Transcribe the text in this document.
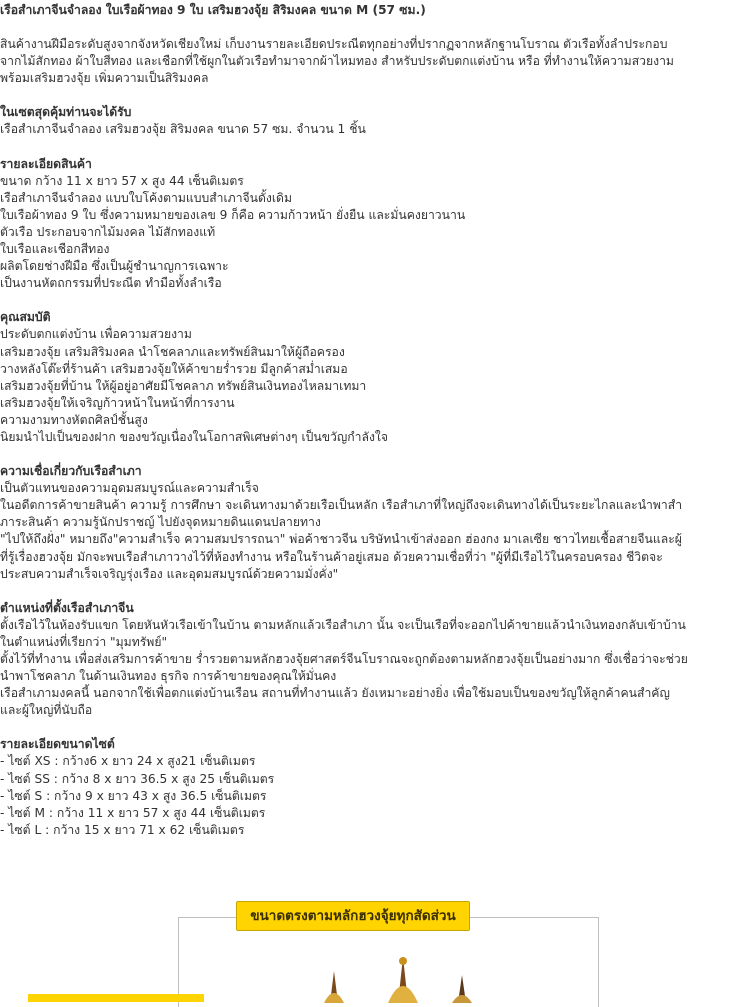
เรือสำเภาจีนจำลอง ใบเรือผ้าทอง 9 ใบ เสริมฮวงจุ้ย สิริมงคล ขนาด M (57 ซม.)

สินค้างานฝีมือระดับสูงจากจังหวัดเชียงใหม่ เก็บงานรายละเอียดประณีตทุกอย่างที่ปรากฏจากหลักฐานโบราณ ตัวเรือทั้งลำประกอบ

จากไม้สักทอง ผ้าใบสีทอง และเชือกที่ใช้ผูกในตัวเรือทำมาจากผ้าไหมทอง สำหรับประดับตกแต่งบ้าน หรือ ที่ทำงานให้ความสวยงาม

พร้อมเสริมฮวงจุ้ย เพิ่มความเป็นสิริมงคล

ในเซตสุดคุ้มท่านจะได้รับ

เรือสำเภาจีนจำลอง เสริมฮวงจุ้ย สิริมงคล ขนาด 57 ซม. จำนวน 1 ชิ้น

รายละเอียดสินค้า

ขนาด กว้าง 11 x ยาว 57 x สูง 44 เซ็นติเมตร

เรือสำเภาจีนจำลอง แบบใบโค้งตามแบบสำเภาจีนดั้งเดิม

ใบเรือผ้าทอง 9 ใบ ซึ่งความหมายของเลข 9 ก็คือ ความก้าวหน้า ยั่งยืน และมั่นคงยาวนาน

ตัวเรือ ประกอบจากไม้มงคล ไม้สักทองแท้

ใบเรือและเชือกสีทอง

ผลิตโดยช่างฝีมือ ซึ่งเป็นผู้ชำนาญการเฉพาะ

เป็นงานหัตถกรรมที่ประณีต ทำมือทั้งลำเรือ

คุณสมบัติ

ประดับตกแต่งบ้าน เพื่อความสวยงาม

เสริมฮวงจุ้ย เสริมสิริมงคล นำโชคลาภและทรัพย์สินมาให้ผู้ถือครอง

วางหลังโต๊ะที่ร้านค้า เสริมฮวงจุ้ยให้ค้าขายร่ำรวย มีลูกค้าสม่ำเสมอ

เสริมฮวงจุ้ยที่บ้าน ให้ผู้อยู่อาศัยมีโชคลาภ ทรัพย์สินเงินทองไหลมาเทมา

เสริมฮวงจุ้ยให้เจริญก้าวหน้าในหน้าที่การงาน

ความงามทางหัตถศิลป์ชั้นสูง

นิยมนำไปเป็นของฝาก ของขวัญเนื่องในโอกาสพิเศษต่างๆ เป็นขวัญกำลังใจ

ความเชื่อเกี่ยวกับเรือสำเภา

เป็นตัวแทนของความอุดมสมบูรณ์และความสำเร็จ

ในอดีตการค้าขายสินค้า ความรู้ การศึกษา จะเดินทางมาด้วยเรือเป็นหลัก เรือสำเภาที่ใหญ่ถึงจะเดินทางได้เป็นระยะไกลและนำพาสำ

ภาระสินค้า ความรู้นักปราชญ์ ไปยังจุดหมายดินแดนปลายทาง

"ไปให้ถึงฝั่ง" หมายถึง"ความสำเร็จ ความสมปรารถนา" พ่อค้าชาวจีน บริษัทนำเข้าส่งออก ฮ่องกง มาเลเซีย ชาวไทยเชื้อสายจีนและผู้

ที่รู้เรื่องฮวงจุ้ย มักจะพบเรือสำเภาวางไว้ที่ห้องทำงาน หรือในร้านค้าอยู่เสมอ ด้วยความเชื่อที่ว่า "ผู้ที่มีเรือไว้ในครอบครอง ชีวิตจะ

ประสบความสำเร็จเจริญรุ่งเรือง และอุดมสมบูรณ์ด้วยความมั่งคั่ง"

ตำแหน่งที่ตั้งเรือสำเภาจีน

ตั้งเรือไว้ในห้องรับแขก โดยหันหัวเรือเข้าในบ้าน ตามหลักแล้วเรือสำเภา นั้น จะเป็นเรือที่จะออกไปค้าขายแล้วนำเงินทองกลับเข้าบ้าน

ในตำแหน่งที่เรียกว่า "มุมทรัพย์"

ตั้งไว้ที่ทำงาน เพื่อส่งเสริมการค้าขาย ร่ำรวยตามหลักฮวงจุ้ยศาสตร์จีนโบราณจะถูกต้องตามหลักฮวงจุ้ยเป็นอย่างมาก ซึ่งเชื่อว่าจะช่วย

นำพาโชคลาภ ในด้านเงินทอง ธุรกิจ การค้าขายของคุณให้มั่นคง

เรือสำเภามงคลนี้ นอกจากใช้เพื่อตกแต่งบ้านเรือน สถานที่ทำงานแล้ว ยังเหมาะอย่างยิ่ง เพื่อใช้มอบเป็นของขวัญให้ลูกค้าคนสำคัญ

และผู้ใหญ่ที่นับถือ

รายละเอียดขนาดไซต์

- ไซต์ XS : กว้าง6 x ยาว 24 x สูง21 เซ็นติเมตร

- ไซต์ SS : กว้าง 8 x ยาว 36.5 x สูง 25 เซ็นติเมตร

- ไซต์ S : กว้าง 9 x ยาว 43 x สูง 36.5 เซ็นติเมตร

- ไซต์ M : กว้าง 11 x ยาว 57 x สูง 44 เซ็นติเมตร

- ไซต์ L : กว้าง 15 x ยาว 71 x 62 เซ็นติเมตร

ขนาดตรงตามหลักฮวงจุ้ยทุกสัดส่วน
